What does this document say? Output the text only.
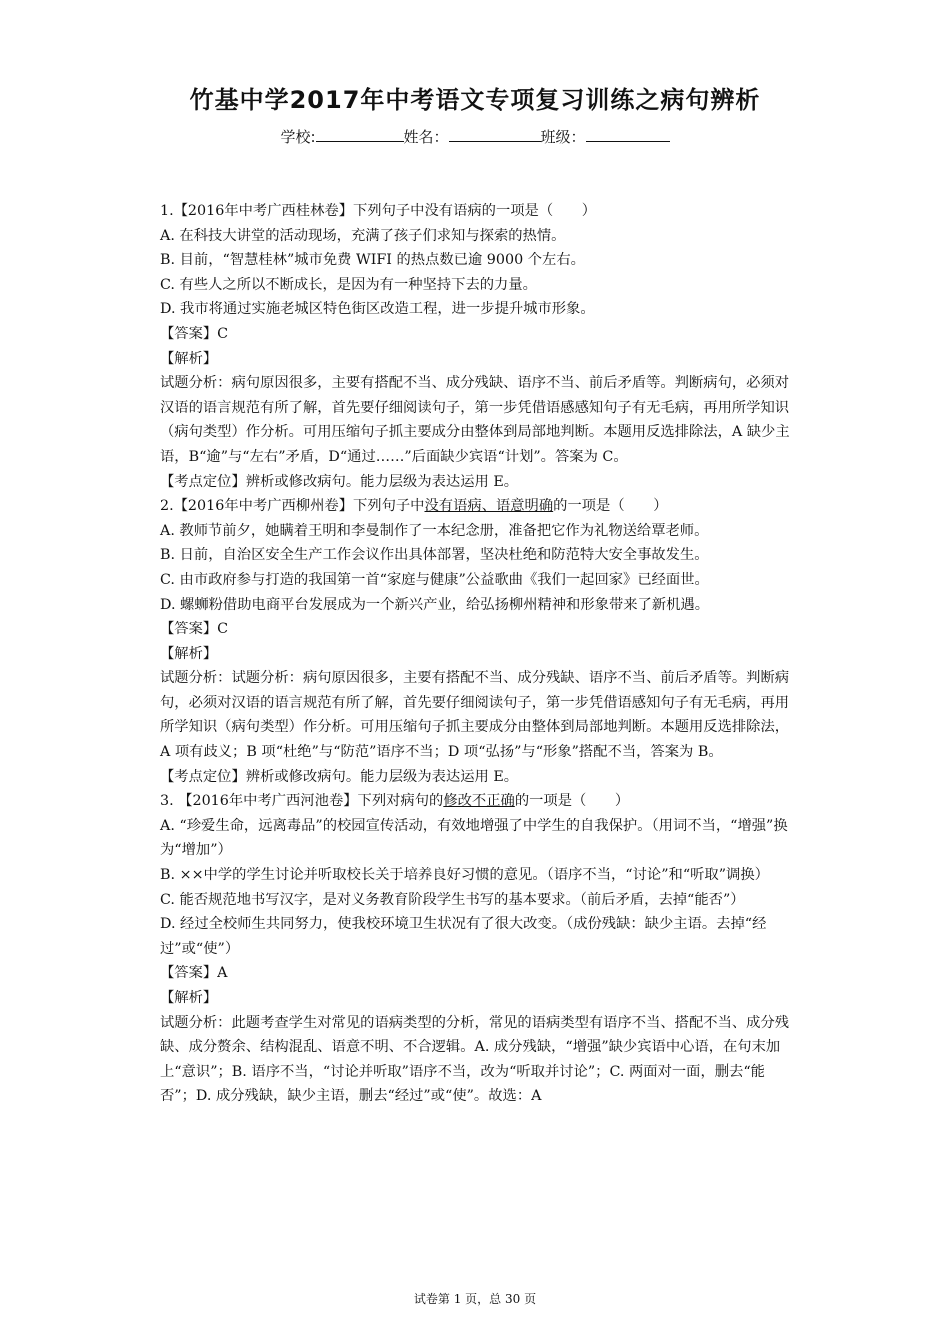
竹基中学2017年中考语文专项复习训练之病句辨析
学校:	姓名：	班级：

1.【2016年中考广西桂林卷】下列句子中没有语病的一项是（　　）

A. 在科技大讲堂的活动现场，充满了孩子们求知与探索的热情。

B. 目前，“智慧桂林”城市免费 WIFI 的热点数已逾 9000 个左右。

C. 有些人之所以不断成长，是因为有一种坚持下去的力量。

D. 我市将通过实施老城区特色街区改造工程，进一步提升城市形象。

【答案】C

【解析】

试题分析：病句原因很多，主要有搭配不当、成分残缺、语序不当、前后矛盾等。判断病句，必须对汉语的语言规范有所了解，首先要仔细阅读句子，第一步凭借语感感知句子有无毛病，再用所学知识（病句类型）作分析。可用压缩句子抓主要成分由整体到局部地判断。本题用反选排除法，A 缺少主语，B“逾”与“左右”矛盾，D“通过……”后面缺少宾语“计划”。答案为 C。

【考点定位】辨析或修改病句。能力层级为表达运用 E。

2.【2016年中考广西柳州卷】下列句子中没有语病、语意明确的一项是（　　）

A. 教师节前夕，她瞒着王明和李曼制作了一本纪念册，准备把它作为礼物送给覃老师。

B. 日前，自治区安全生产工作会议作出具体部署，坚决杜绝和防范特大安全事故发生。

C. 由市政府参与打造的我国第一首“家庭与健康”公益歌曲《我们一起回家》已经面世。

D. 螺蛳粉借助电商平台发展成为一个新兴产业，给弘扬柳州精神和形象带来了新机遇。

【答案】C

【解析】

试题分析：试题分析：病句原因很多，主要有搭配不当、成分残缺、语序不当、前后矛盾等。判断病句，必须对汉语的语言规范有所了解，首先要仔细阅读句子，第一步凭借语感知句子有无毛病，再用所学知识（病句类型）作分析。可用压缩句子抓主要成分由整体到局部地判断。本题用反选排除法，A 项有歧义；B 项“杜绝”与“防范”语序不当；D 项“弘扬”与“形象”搭配不当，答案为 B。

【考点定位】辨析或修改病句。能力层级为表达运用 E。

3. 【2016年中考广西河池卷】下列对病句的修改不正确的一项是（　　）

A. “珍爱生命，远离毒品”的校园宣传活动，有效地增强了中学生的自我保护。（用词不当，“增强”换为“增加”）

B. ××中学的学生讨论并听取校长关于培养良好习惯的意见。（语序不当，“讨论”和“听取”调换）

C. 能否规范地书写汉字，是对义务教育阶段学生书写的基本要求。（前后矛盾，去掉“能否”）

D. 经过全校师生共同努力，使我校环境卫生状况有了很大改变。（成份残缺：缺少主语。去掉“经过”或“使”）

【答案】A

【解析】

试题分析：此题考查学生对常见的语病类型的分析，常见的语病类型有语序不当、搭配不当、成分残缺、成分赘余、结构混乱、语意不明、不合逻辑。A. 成分残缺，“增强”缺少宾语中心语，在句末加上“意识”；B. 语序不当，“讨论并听取”语序不当，改为“听取并讨论”；C. 两面对一面，删去“能否”；D. 成分残缺，缺少主语，删去“经过”或“使”。故选：A

试卷第 1 页，总 30 页
